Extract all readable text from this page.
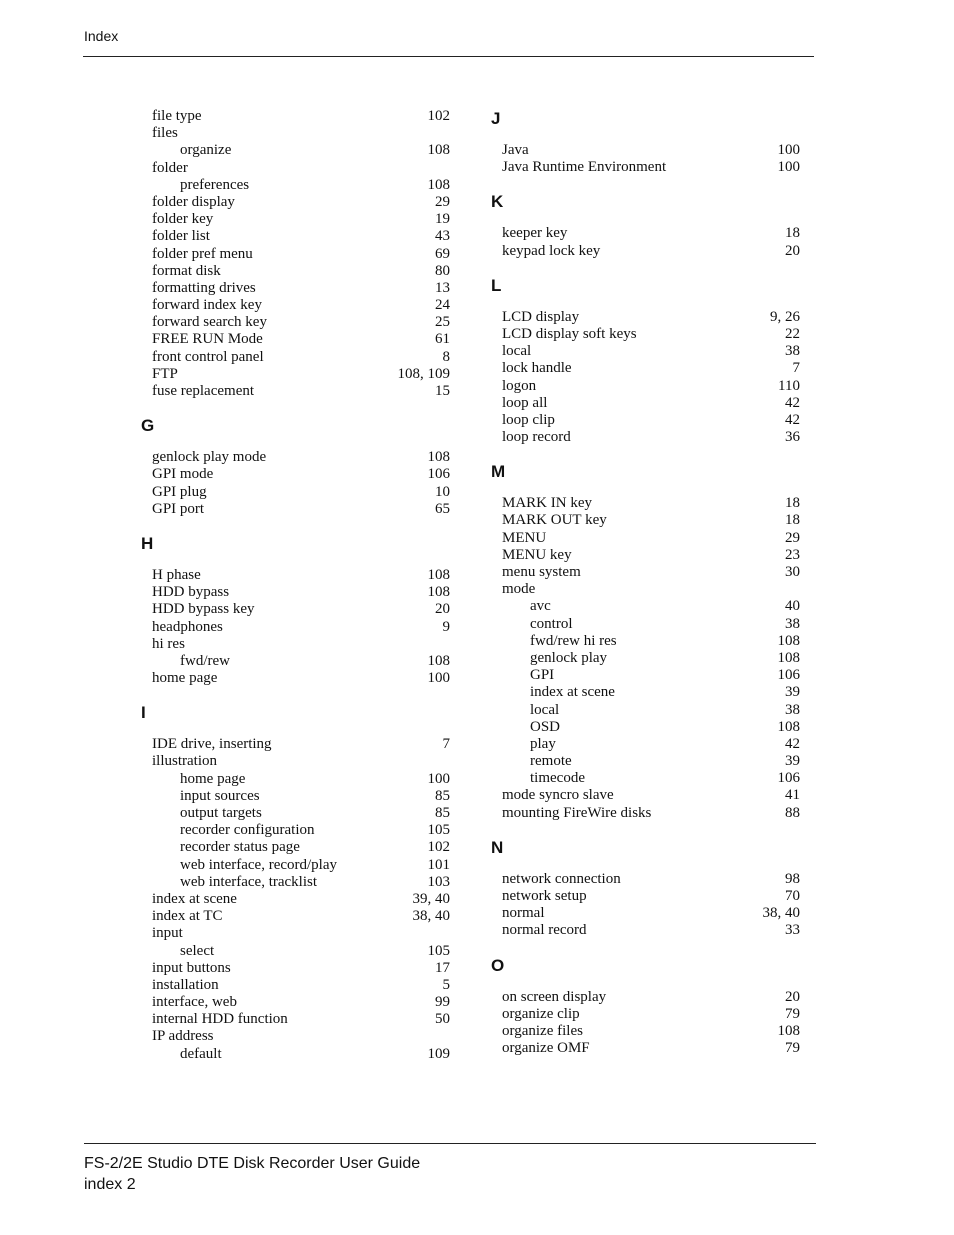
Index
file type	102
files
organize	108
folder
preferences	108
folder display	29
folder key	19
folder list	43
folder pref menu	69
format disk	80
formatting drives	13
forward index key	24
forward search key	25
FREE RUN Mode	61
front control panel	8
FTP	108, 109
fuse replacement	15
G
genlock play mode	108
GPI mode	106
GPI plug	10
GPI port	65
H
H phase	108
HDD bypass	108
HDD bypass key	20
headphones	9
hi res
fwd/rew	108
home page	100
I
IDE drive, inserting	7
illustration
home page	100
input sources	85
output targets	85
recorder configuration	105
recorder status page	102
web interface, record/play	101
web interface, tracklist	103
index at scene	39, 40
index at TC	38, 40
input
select	105
input buttons	17
installation	5
interface, web	99
internal HDD function	50
IP address
default	109
J
Java	100
Java Runtime Environment	100
K
keeper key	18
keypad lock key	20
L
LCD display	9, 26
LCD display soft keys	22
local	38
lock handle	7
logon	110
loop all	42
loop clip	42
loop record	36
M
MARK IN key	18
MARK OUT key	18
MENU	29
MENU key	23
menu system	30
mode
avc	40
control	38
fwd/rew hi res	108
genlock play	108
GPI	106
index at scene	39
local	38
OSD	108
play	42
remote	39
timecode	106
mode syncro slave	41
mounting FireWire disks	88
N
network connection	98
network setup	70
normal	38, 40
normal record	33
O
on screen display	20
organize clip	79
organize files	108
organize OMF	79
FS-2/2E Studio DTE Disk Recorder User Guide
index 2
